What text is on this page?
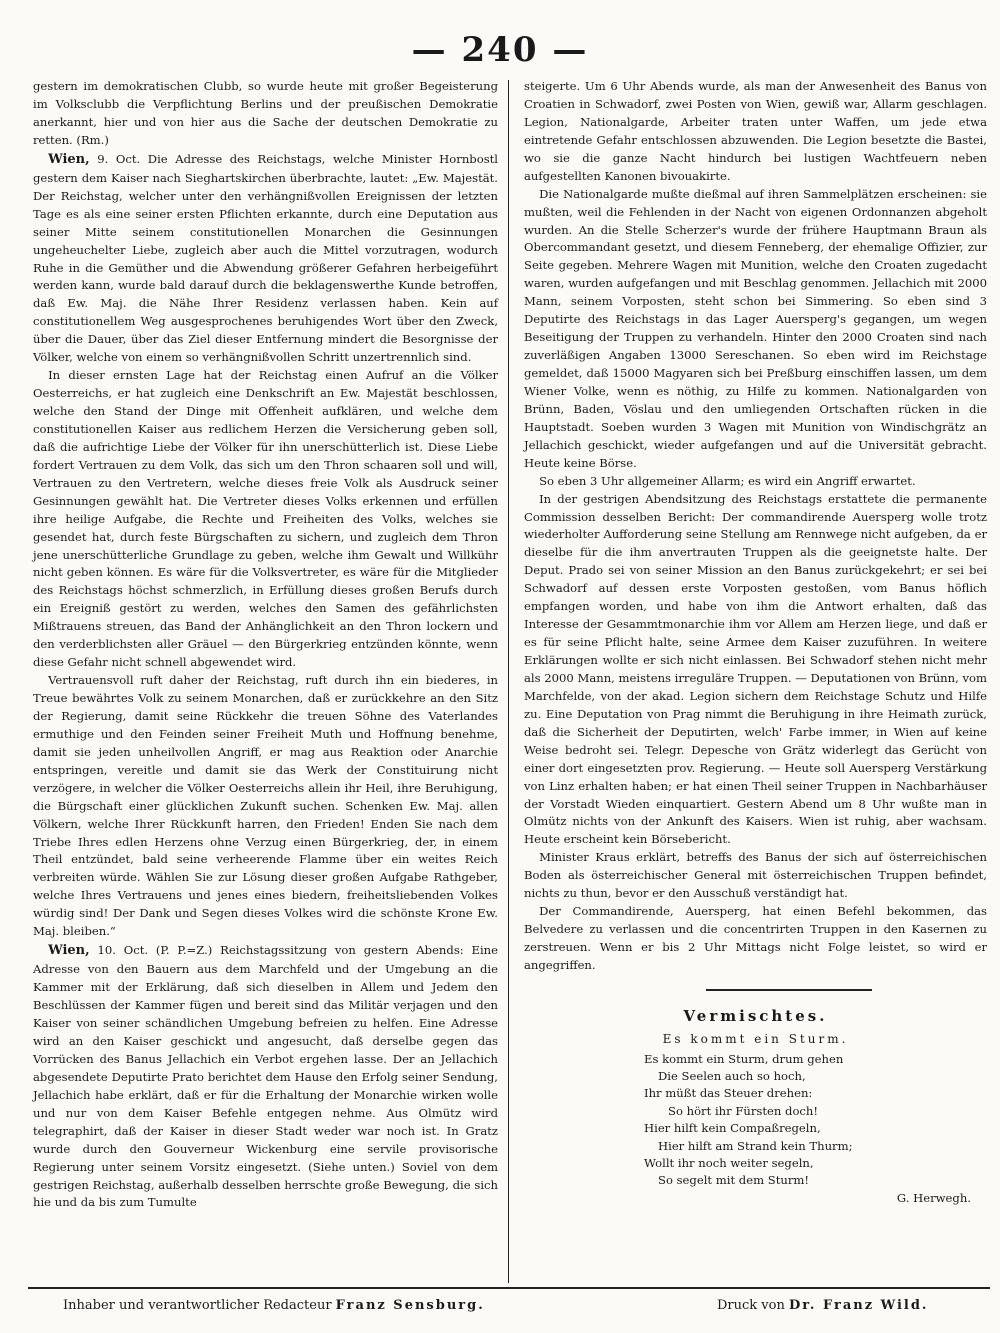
— 240 —

gestern im demokratischen Clubb, so wurde heute mit großer Begeisterung im Volksclubb die Verpflichtung Berlins und der preußischen Demokratie anerkannt, hier und von hier aus die Sache der deutschen Demokratie zu retten. (Rm.)

Wien, 9. Oct. Die Adresse des Reichstags, welche Minister Hornbostl gestern dem Kaiser nach Sieghartskirchen überbrachte, lautet: „Ew. Majestät. Der Reichstag, welcher unter den verhängnißvollen Ereignissen der letzten Tage es als eine seiner ersten Pflichten erkannte, durch eine Deputation aus seiner Mitte seinem constitutionellen Monarchen die Gesinnungen ungeheuchelter Liebe, zugleich aber auch die Mittel vorzutragen, wodurch Ruhe in die Gemüther und die Abwendung größerer Gefahren herbeigeführt werden kann, wurde bald darauf durch die beklagenswerthe Kunde betroffen, daß Ew. Maj. die Nähe Ihrer Residenz verlassen haben. Kein auf constitutionellem Weg ausgesprochenes beruhigendes Wort über den Zweck, über die Dauer, über das Ziel dieser Entfernung mindert die Besorgnisse der Völker, welche von einem so verhängnißvollen Schritt unzertrennlich sind.

In dieser ernsten Lage hat der Reichstag einen Aufruf an die Völker Oesterreichs, er hat zugleich eine Denkschrift an Ew. Majestät beschlossen, welche den Stand der Dinge mit Offenheit aufklären, und welche dem constitutionellen Kaiser aus redlichem Herzen die Versicherung geben soll, daß die aufrichtige Liebe der Völker für ihn unerschütterlich ist. Diese Liebe fordert Vertrauen zu dem Volk, das sich um den Thron schaaren soll und will, Vertrauen zu den Vertretern, welche dieses freie Volk als Ausdruck seiner Gesinnungen gewählt hat. Die Vertreter dieses Volks erkennen und erfüllen ihre heilige Aufgabe, die Rechte und Freiheiten des Volks, welches sie gesendet hat, durch feste Bürgschaften zu sichern, und zugleich dem Thron jene unerschütterliche Grundlage zu geben, welche ihm Gewalt und Willkühr nicht geben können. Es wäre für die Volksvertreter, es wäre für die Mitglieder des Reichstags höchst schmerzlich, in Erfüllung dieses großen Berufs durch ein Ereigniß gestört zu werden, welches den Samen des gefährlichsten Mißtrauens streuen, das Band der Anhänglichkeit an den Thron lockern und den verderblichsten aller Gräuel — den Bürgerkrieg entzünden könnte, wenn diese Gefahr nicht schnell abgewendet wird.

Vertrauensvoll ruft daher der Reichstag, ruft durch ihn ein biederes, in Treue bewährtes Volk zu seinem Monarchen, daß er zurückkehre an den Sitz der Regierung, damit seine Rückkehr die treuen Söhne des Vaterlandes ermuthige und den Feinden seiner Freiheit Muth und Hoffnung benehme, damit sie jeden unheilvollen Angriff, er mag aus Reaktion oder Anarchie entspringen, vereitle und damit sie das Werk der Constituirung nicht verzögere, in welcher die Völker Oesterreichs allein ihr Heil, ihre Beruhigung, die Bürgschaft einer glücklichen Zukunft suchen. Schenken Ew. Maj. allen Völkern, welche Ihrer Rückkunft harren, den Frieden! Enden Sie nach dem Triebe Ihres edlen Herzens ohne Verzug einen Bürgerkrieg, der, in einem Theil entzündet, bald seine verheerende Flamme über ein weites Reich verbreiten würde. Wählen Sie zur Lösung dieser großen Aufgabe Rathgeber, welche Ihres Vertrauens und jenes eines biedern, freiheitsliebenden Volkes würdig sind! Der Dank und Segen dieses Volkes wird die schönste Krone Ew. Maj. bleiben.“

Wien, 10. Oct. (P. P.=Z.) Reichstagssitzung von gestern Abends: Eine Adresse von den Bauern aus dem Marchfeld und der Umgebung an die Kammer mit der Erklärung, daß sich dieselben in Allem und Jedem den Beschlüssen der Kammer fügen und bereit sind das Militär verjagen und den Kaiser von seiner schändlichen Umgebung befreien zu helfen. Eine Adresse wird an den Kaiser geschickt und angesucht, daß derselbe gegen das Vorrücken des Banus Jellachich ein Verbot ergehen lasse. Der an Jellachich abgesendete Deputirte Prato berichtet dem Hause den Erfolg seiner Sendung, Jellachich habe erklärt, daß er für die Erhaltung der Monarchie wirken wolle und nur von dem Kaiser Befehle entgegen nehme. Aus Olmütz wird telegraphirt, daß der Kaiser in dieser Stadt weder war noch ist. In Gratz wurde durch den Gouverneur Wickenburg eine servile provisorische Regierung unter seinem Vorsitz eingesetzt. (Siehe unten.) Soviel von dem gestrigen Reichstag, außerhalb desselben herrschte große Bewegung, die sich hie und da bis zum Tumulte

steigerte. Um 6 Uhr Abends wurde, als man der Anwesenheit des Banus von Croatien in Schwadorf, zwei Posten von Wien, gewiß war, Allarm geschlagen. Legion, Nationalgarde, Arbeiter traten unter Waffen, um jede etwa eintretende Gefahr entschlossen abzuwenden. Die Legion besetzte die Bastei, wo sie die ganze Nacht hindurch bei lustigen Wachtfeuern neben aufgestellten Kanonen bivouakirte.

Die Nationalgarde mußte dießmal auf ihren Sammelplätzen erscheinen: sie mußten, weil die Fehlenden in der Nacht von eigenen Ordonnanzen abgeholt wurden. An die Stelle Scherzer's wurde der frühere Hauptmann Braun als Obercommandant gesetzt, und diesem Fenneberg, der ehemalige Offizier, zur Seite gegeben. Mehrere Wagen mit Munition, welche den Croaten zugedacht waren, wurden aufgefangen und mit Beschlag genommen. Jellachich mit 2000 Mann, seinem Vorposten, steht schon bei Simmering. So eben sind 3 Deputirte des Reichstags in das Lager Auersperg's gegangen, um wegen Beseitigung der Truppen zu verhandeln. Hinter den 2000 Croaten sind nach zuverläßigen Angaben 13000 Sereschanen. So eben wird im Reichstage gemeldet, daß 15000 Magyaren sich bei Preßburg einschiffen lassen, um dem Wiener Volke, wenn es nöthig, zu Hilfe zu kommen. Nationalgarden von Brünn, Baden, Vöslau und den umliegenden Ortschaften rücken in die Hauptstadt. Soeben wurden 3 Wagen mit Munition von Windischgrätz an Jellachich geschickt, wieder aufgefangen und auf die Universität gebracht. Heute keine Börse.

So eben 3 Uhr allgemeiner Allarm; es wird ein Angriff erwartet.

In der gestrigen Abendsitzung des Reichstags erstattete die permanente Commission desselben Bericht: Der commandirende Auersperg wolle trotz wiederholter Aufforderung seine Stellung am Rennwege nicht aufgeben, da er dieselbe für die ihm anvertrauten Truppen als die geeignetste halte. Der Deput. Prado sei von seiner Mission an den Banus zurückgekehrt; er sei bei Schwadorf auf dessen erste Vorposten gestoßen, vom Banus höflich empfangen worden, und habe von ihm die Antwort erhalten, daß das Interesse der Gesammtmonarchie ihm vor Allem am Herzen liege, und daß er es für seine Pflicht halte, seine Armee dem Kaiser zuzuführen. In weitere Erklärungen wollte er sich nicht einlassen. Bei Schwadorf stehen nicht mehr als 2000 Mann, meistens irreguläre Truppen. — Deputationen von Brünn, vom Marchfelde, von der akad. Legion sichern dem Reichstage Schutz und Hilfe zu. Eine Deputation von Prag nimmt die Beruhigung in ihre Heimath zurück, daß die Sicherheit der Deputirten, welch' Farbe immer, in Wien auf keine Weise bedroht sei. Telegr. Depesche von Grätz widerlegt das Gerücht von einer dort eingesetzten prov. Regierung. — Heute soll Auersperg Verstärkung von Linz erhalten haben; er hat einen Theil seiner Truppen in Nachbarhäuser der Vorstadt Wieden einquartiert. Gestern Abend um 8 Uhr wußte man in Olmütz nichts von der Ankunft des Kaisers. Wien ist ruhig, aber wachsam. Heute erscheint kein Börsebericht.

Minister Kraus erklärt, betreffs des Banus der sich auf österreichischen Boden als österreichischer General mit österreichischen Truppen befindet, nichts zu thun, bevor er den Ausschuß verständigt hat.

Der Commandirende, Auersperg, hat einen Befehl bekommen, das Belvedere zu verlassen und die concentrirten Truppen in den Kasernen zu zerstreuen. Wenn er bis 2 Uhr Mittags nicht Folge leistet, so wird er angegriffen.

Vermischtes.
Es kommt ein Sturm.
Es kommt ein Sturm, drum gehen
Die Seelen auch so hoch,
Ihr müßt das Steuer drehen:
So hört ihr Fürsten doch!
Hier hilft kein Compaßregeln,
Hier hilft am Strand kein Thurm;
Wollt ihr noch weiter segeln,
So segelt mit dem Sturm!
G. Herwegh.
Inhaber und verantwortlicher Redacteur Franz Sensburg.	Druck von Dr. Franz Wild.
